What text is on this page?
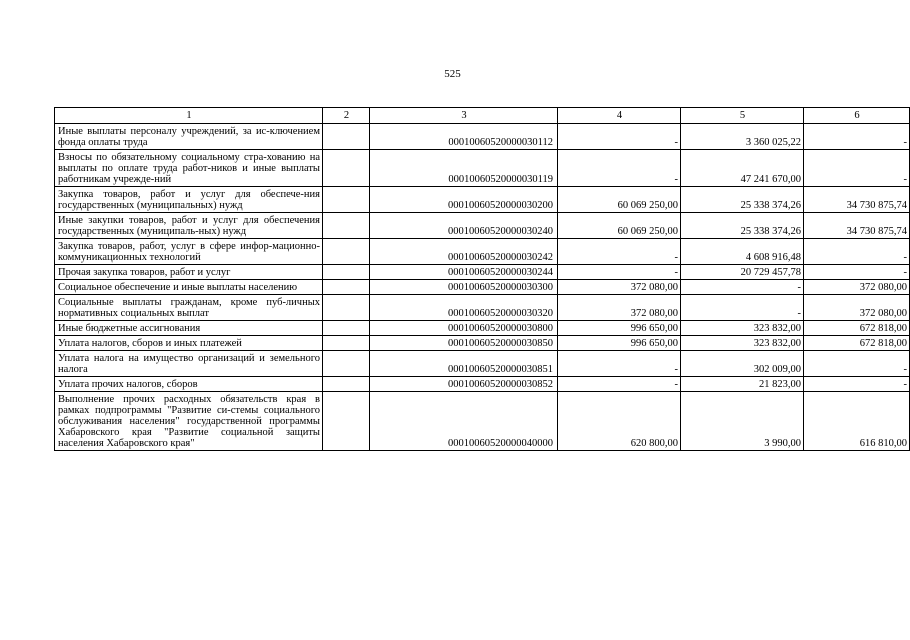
525
1	2	3	4	5	6
Иные выплаты персоналу учреждений, за ис-ключением фонда оплаты труда		00010060520000030112	-	3 360 025,22	-
Взносы по обязательному социальному стра-хованию на выплаты по оплате труда работ-ников и иные выплаты работникам учрежде-ний		00010060520000030119	-	47 241 670,00	-
Закупка товаров, работ и услуг для обеспече-ния государственных (муниципальных) нужд		00010060520000030200	60 069 250,00	25 338 374,26	34 730 875,74
Иные закупки товаров, работ и услуг для обеспечения государственных (муниципаль-ных) нужд		00010060520000030240	60 069 250,00	25 338 374,26	34 730 875,74
Закупка товаров, работ, услуг в сфере инфор-мационно-коммуникационных технологий		00010060520000030242	-	4 608 916,48	-
Прочая закупка товаров, работ и услуг		00010060520000030244	-	20 729 457,78	-
Социальное обеспечение и иные выплаты населению		00010060520000030300	372 080,00	-	372 080,00
Социальные выплаты гражданам, кроме пуб-личных нормативных социальных выплат		00010060520000030320	372 080,00	-	372 080,00
Иные бюджетные ассигнования		00010060520000030800	996 650,00	323 832,00	672 818,00
Уплата налогов, сборов и иных платежей		00010060520000030850	996 650,00	323 832,00	672 818,00
Уплата налога на имущество организаций и земельного налога		00010060520000030851	-	302 009,00	-
Уплата прочих налогов, сборов		00010060520000030852	-	21 823,00	-
Выполнение прочих расходных обязательств края в рамках подпрограммы "Развитие си-стемы социального обслуживания населения" государственной программы Хабаровского края "Развитие социальной защиты населения Хабаровского края"		00010060520000040000	620 800,00	3 990,00	616 810,00
